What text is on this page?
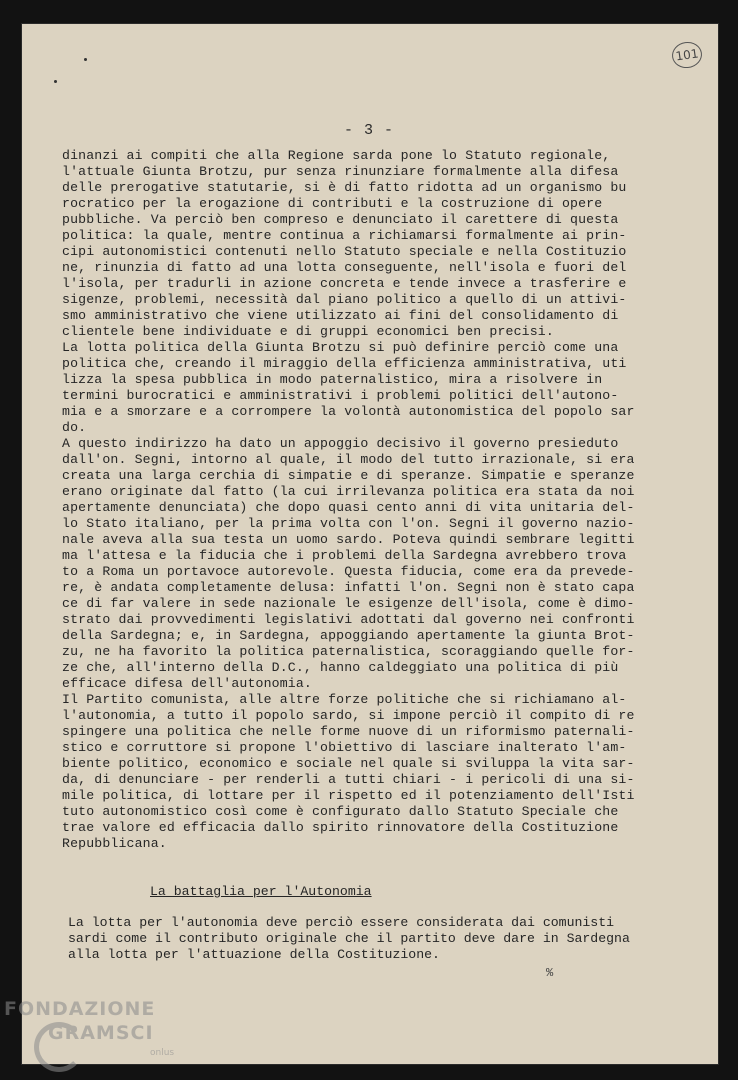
101
- 3 -
dinanzi ai compiti che alla Regione sarda pone lo Statuto regionale,
l'attuale Giunta Brotzu, pur senza rinunziare formalmente alla difesa
delle prerogative statutarie, si è di fatto ridotta ad un organismo bu
rocratico per la erogazione di contributi e la costruzione di opere
pubbliche. Va perciò ben compreso e denunciato il carettere di questa
politica: la quale, mentre continua a richiamarsi formalmente ai prin-
cipi autonomistici contenuti nello Statuto speciale e nella Costituzio
ne, rinunzia di fatto ad una lotta conseguente, nell'isola e fuori del
l'isola, per tradurli in azione concreta e tende invece a trasferire e
sigenze, problemi, necessità dal piano politico a quello di un attivi-
smo amministrativo che viene utilizzato ai fini del consolidamento di
clientele bene individuate e di gruppi economici ben precisi.
La lotta politica della Giunta Brotzu si può definire perciò come una
politica che, creando il miraggio della efficienza amministrativa, uti
lizza la spesa pubblica in modo paternalistico, mira a risolvere in
termini burocratici e amministrativi i problemi politici dell'autono-
mia e a smorzare e a corrompere la volontà autonomistica del popolo sar
do.
A questo indirizzo ha dato un appoggio decisivo il governo presieduto
dall'on. Segni, intorno al quale, il modo del tutto irrazionale, si era
creata una larga cerchia di simpatie e di speranze. Simpatie e speranze
erano originate dal fatto (la cui irrilevanza politica era stata da noi
apertamente denunciata) che dopo quasi cento anni di vita unitaria del-
lo Stato italiano, per la prima volta con l'on. Segni il governo nazio-
nale aveva alla sua testa un uomo sardo. Poteva quindi sembrare legitti
ma l'attesa e la fiducia che i problemi della Sardegna avrebbero trova
to a Roma un portavoce autorevole. Questa fiducia, come era da prevede-
re, è andata completamente delusa: infatti l'on. Segni non è stato capa
ce di far valere in sede nazionale le esigenze dell'isola, come è dimo-
strato dai provvedimenti legislativi adottati dal governo nei confronti
della Sardegna; e, in Sardegna, appoggiando apertamente la giunta Brot-
zu, ne ha favorito la politica paternalistica, scoraggiando quelle for-
ze che, all'interno della D.C., hanno caldeggiato una politica di più
efficace difesa dell'autonomia.
Il Partito comunista, alle altre forze politiche che si richiamano al-
l'autonomia, a tutto il popolo sardo, si impone perciò il compito di re
spingere una politica che nelle forme nuove di un riformismo paternali-
stico e corruttore si propone l'obiettivo di lasciare inalterato l'am-
biente politico, economico e sociale nel quale si sviluppa la vita sar-
da, di denunciare - per renderli a tutti chiari - i pericoli di una si-
mile politica, di lottare per il rispetto ed il potenziamento dell'Isti
tuto autonomistico così come è configurato dallo Statuto Speciale che
trae valore ed efficacia dallo spirito rinnovatore della Costituzione
Repubblicana.
La battaglia per l'Autonomia
La lotta per l'autonomia deve perciò essere considerata dai comunisti
sardi come il contributo originale che il partito deve dare in Sardegna
alla lotta per l'attuazione della Costituzione.
%
FONDAZIONE
GRAMSCI
onlus
